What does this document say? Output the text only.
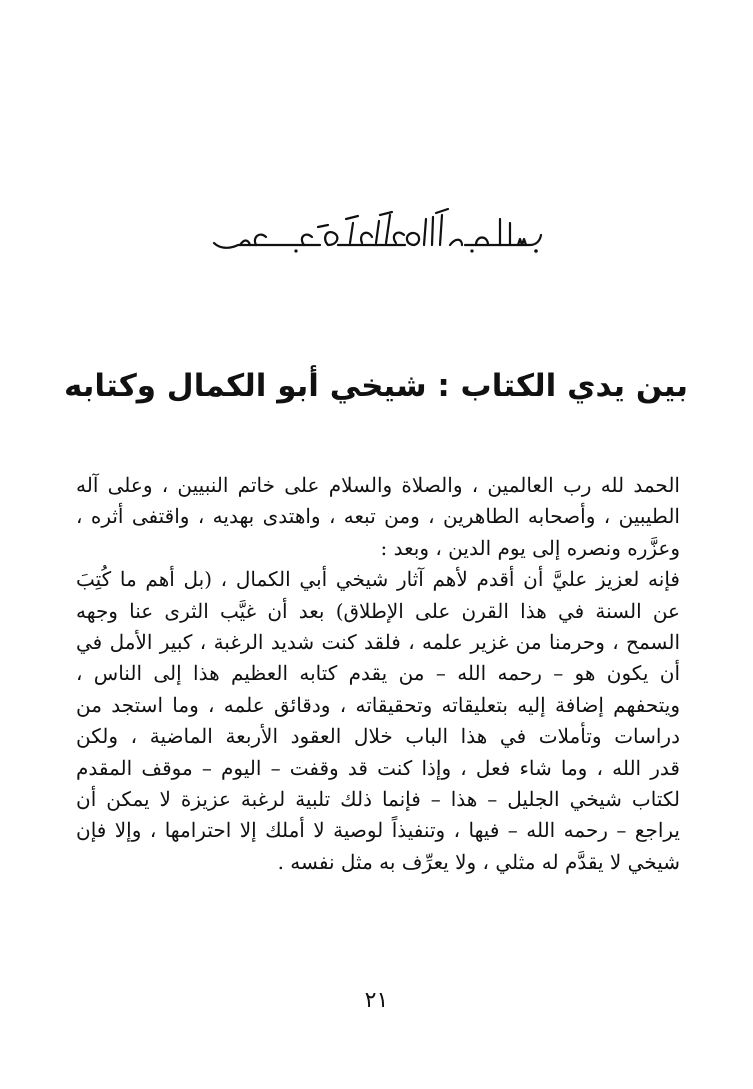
بين يدي الكتاب : شيخي أبو الكمال وكتابه
الحمد لله رب العالمين ، والصلاة والسلام على خاتم النبيين ، وعلى آله
الطيبين ، وأصحابه الطاهرين ، ومن تبعه ، واهتدى بهديه ، واقتفى أثره ،
وعزَّره ونصره إلى يوم الدين ، وبعد :
فإنه لعزيز عليَّ أن أقدم لأهم آثار شيخي أبي الكمال ، (بل أهم ما كُتِبَ
عن السنة في هذا القرن على الإطلاق) بعد أن غيَّب الثرى عنا وجهه
السمح ، وحرمنا من غزير علمه ، فلقد كنت شديد الرغبة ، كبير الأمل في
أن يكون هو – رحمه الله – من يقدم كتابه العظيم هذا إلى الناس ،
ويتحفهم إضافة إليه بتعليقاته وتحقيقاته ، ودقائق علمه ، وما استجد من
دراسات وتأملات في هذا الباب خلال العقود الأربعة الماضية ، ولكن
قدر الله ، وما شاء فعل ، وإذا كنت قد وقفت – اليوم – موقف المقدم
لكتاب شيخي الجليل – هذا – فإنما ذلك تلبية لرغبة عزيزة لا يمكن أن
يراجع – رحمه الله – فيها ، وتنفيذاً لوصية لا أملك إلا احترامها ، وإلا فإن
شيخي لا يقدَّم له مثلي ، ولا يعرِّف به مثل نفسه .
٢١
